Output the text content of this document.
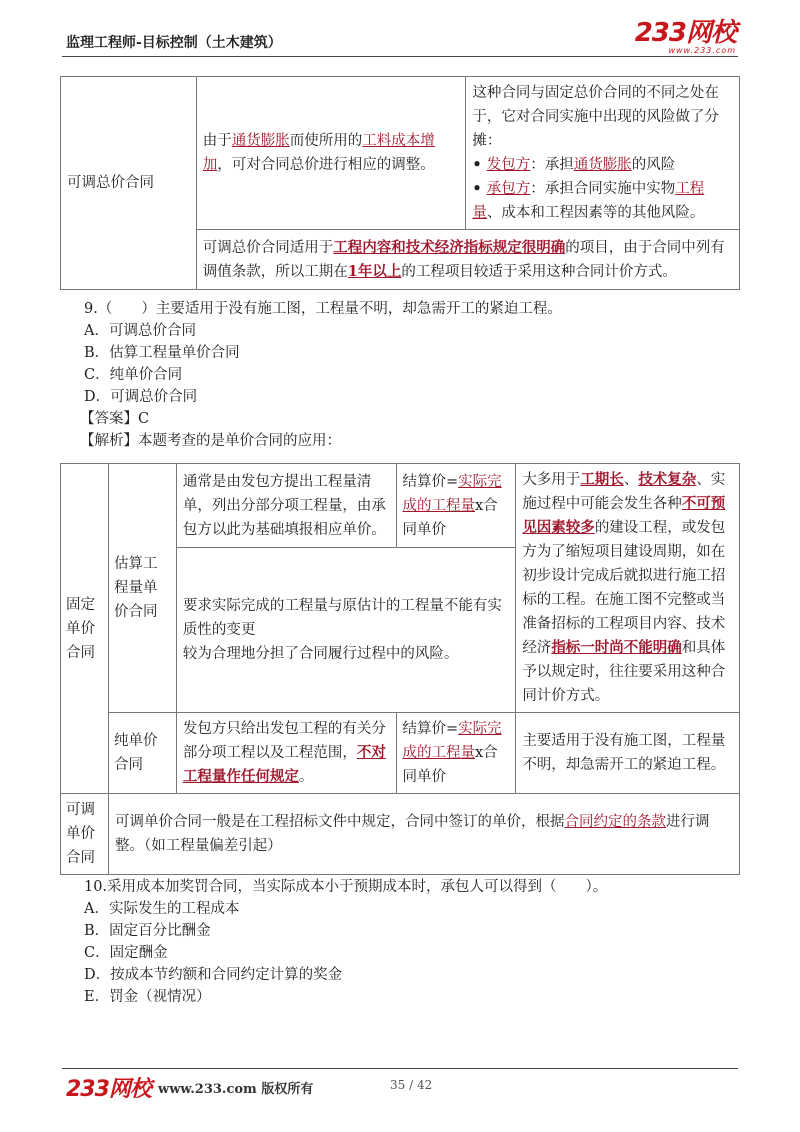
监理工程师-目标控制（土木建筑）	233网校
www.233.com
可调总价合同	由于通货膨胀而使所用的工料成本增加，可对合同总价进行相应的调整。	
这种合同与固定总价合同的不同之处在于，它对合同实施中出现的风险做了分摊：
• 发包方：承担通货膨胀的风险
• 承包方：承担合同实施中实物工程量、成本和工程因素等的其他风险。

可调总价合同适用于工程内容和技术经济指标规定很明确的项目，由于合同中列有调值条款，所以工期在1年以上的工程项目较适于采用这种合同计价方式。
9.（　　）主要适用于没有施工图，工程量不明，却急需开工的紧迫工程。
A．可调总价合同
B．估算工程量单价合同
C．纯单价合同
D．可调总价合同
【答案】C
【解析】本题考查的是单价合同的应用：
固定单价合同	估算工程量单价合同	通常是由发包方提出工程量清单，列出分部分项工程量，由承包方以此为基础填报相应单价。	结算价=实际完成的工程量x合同单价	大多用于工期长、技术复杂、实施过程中可能会发生各种不可预见因素较多的建设工程，或发包方为了缩短项目建设周期，如在初步设计完成后就拟进行施工招标的工程。在施工图不完整或当准备招标的工程项目内容、技术经济指标一时尚不能明确和具体予以规定时，往往要采用这种合同计价方式。

		要求实际完成的工程量与原估计的工程量不能有实质性的变更
较为合理地分担了合同履行过程中的风险。		

	纯单价合同	发包方只给出发包工程的有关分部分项工程以及工程范围，不对工程量作任何规定。	结算价=实际完成的工程量x合同单价	主要适用于没有施工图，工程量不明，却急需开工的紧迫工程。
可调单价合同	可调单价合同一般是在工程招标文件中规定，合同中签订的单价，根据合同约定的条款进行调整。（如工程量偏差引起）			
10.采用成本加奖罚合同，当实际成本小于预期成本时，承包人可以得到（　　）。
A．实际发生的工程成本
B．固定百分比酬金
C．固定酬金
D．按成本节约额和合同约定计算的奖金
E．罚金（视情况）
233网校 www.233.com 版权所有	35 / 42
